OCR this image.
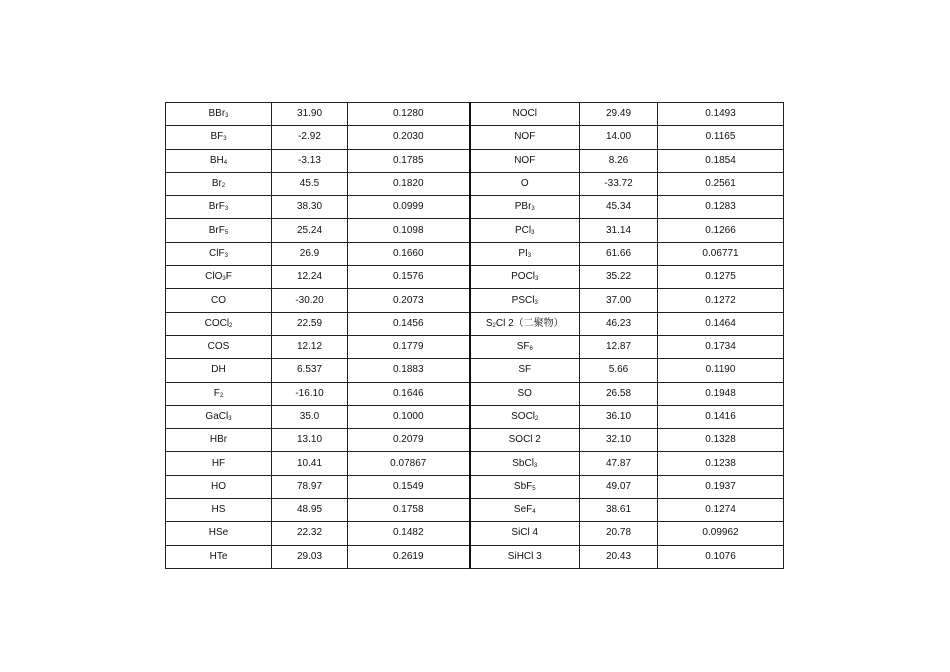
BBr$_3$	31.90	0.1280	NOCl	29.49	0.1493
$BF_3$	-2.92	0.2030	NOF	14.00	0.1165
$BH_4$	-3.13	0.1785	NOF	8.26	0.1854
$Br_2$	45.5	0.1820	O	-33.72	0.2561
BrF$_3$	38.30	0.0999	PBr$_3$	45.34	0.1283
BrF$_5$	25.24	0.1098	PCl$_3$	31.14	0.1266
ClF$_3$	26.9	0.1660	$PI_3$	61.66	0.06771
ClO$_3$F	12.24	0.1576	POCl$_3$	35.22	0.1275
CO	-30.20	0.2073	PSCl$_3$	37.00	0.1272
COCl$_2$	22.59	0.1456	$S_2Cl$ 2（二聚物）	46.23	0.1464
COS	12.12	0.1779	$SF_6$	12.87	0.1734
DH	6.537	0.1883	SF	5.66	0.1190
$F_2$	-16.10	0.1646	SO	26.58	0.1948
GaCl$_3$	35.0	0.1000	SOCl$_2$	36.10	0.1416
HBr	13.10	0.2079	SOCl 2	32.10	0.1328
HF	10.41	0.07867	SbCl$_3$	47.87	0.1238
HO	78.97	0.1549	SbF$_5$	49.07	0.1937
HS	48.95	0.1758	SeF$_4$	38.61	0.1274
HSe	22.32	0.1482	SiCl 4	20.78	0.09962
HTe	29.03	0.2619	SiHCl 3	20.43	0.1076
